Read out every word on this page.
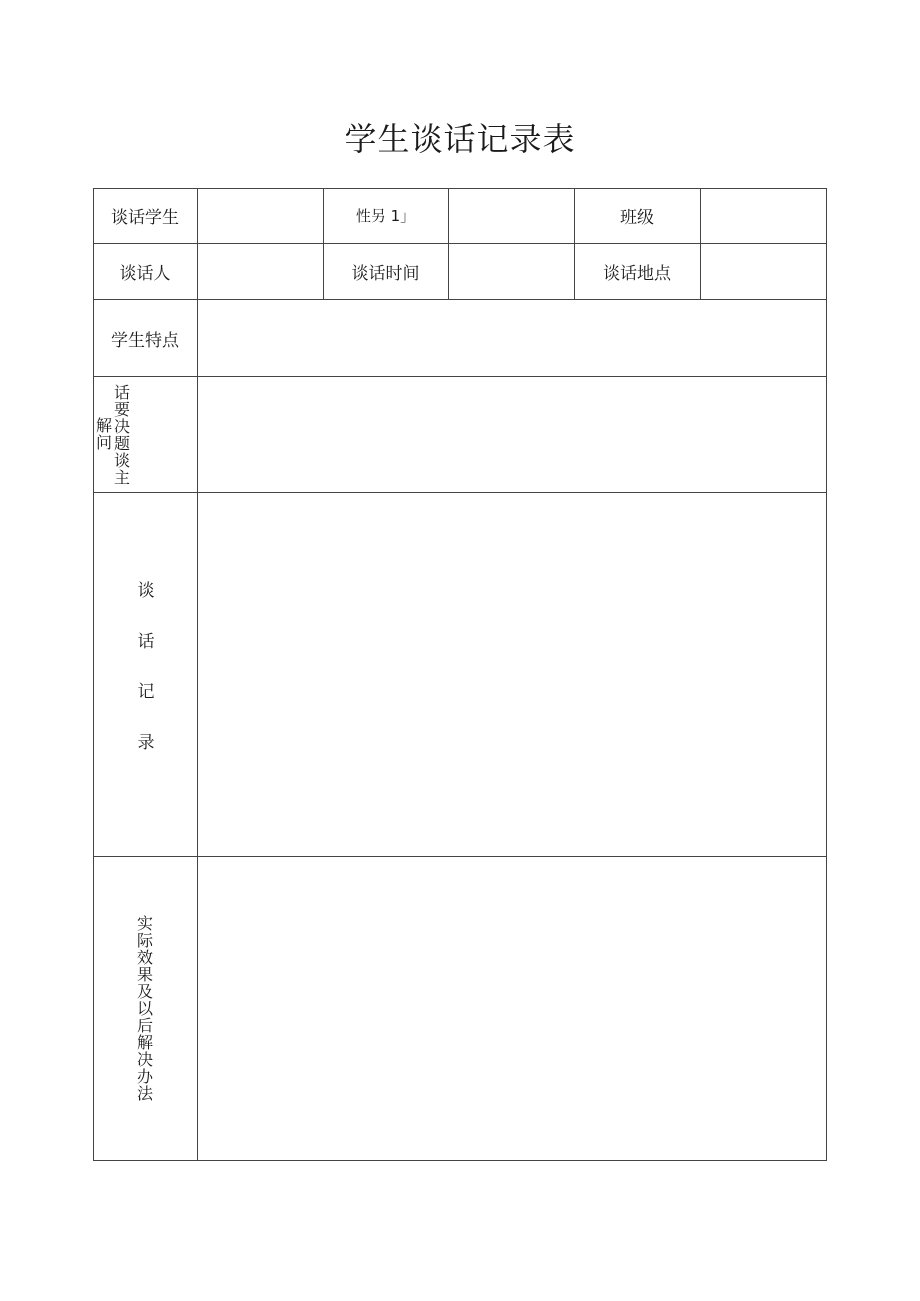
学生谈话记录表
谈话学生	性另 1」	班级
谈话人	谈话时间	谈话地点
学生特点
解问
话要决题谈主
谈
话
记
录
实际效果及以后解决办法
